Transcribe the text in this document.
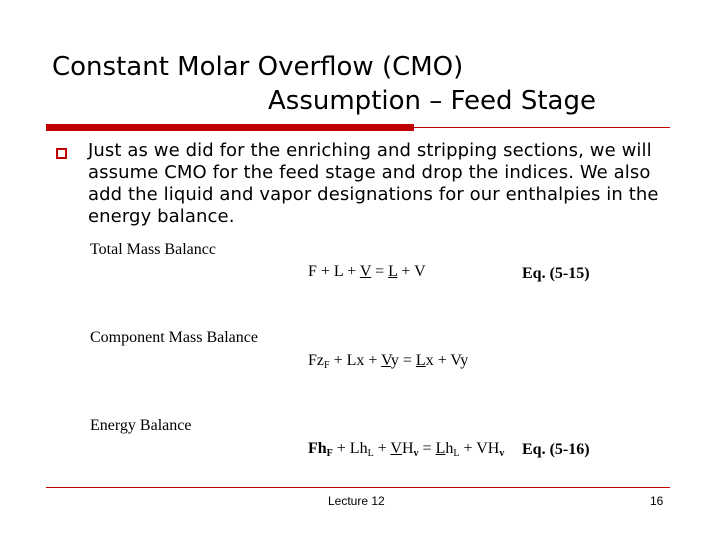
Constant Molar Overflow (CMO)
Assumption – Feed Stage
Just as we did for the enriching and stripping sections, we will assume CMO for the feed stage and drop the indices. We also add the liquid and vapor designations for our enthalpies in the energy balance.
Total Mass Balancc
F + L + V = L + V	Eq. (5-15)
Component Mass Balance
$Fz_F + Lx + Vy = Lx + Vy$
Energy Balance
$Fh_F + Lh_L + VH_v = Lh_L + VH_v$ Eq. (5-16)
Lecture 12	16
